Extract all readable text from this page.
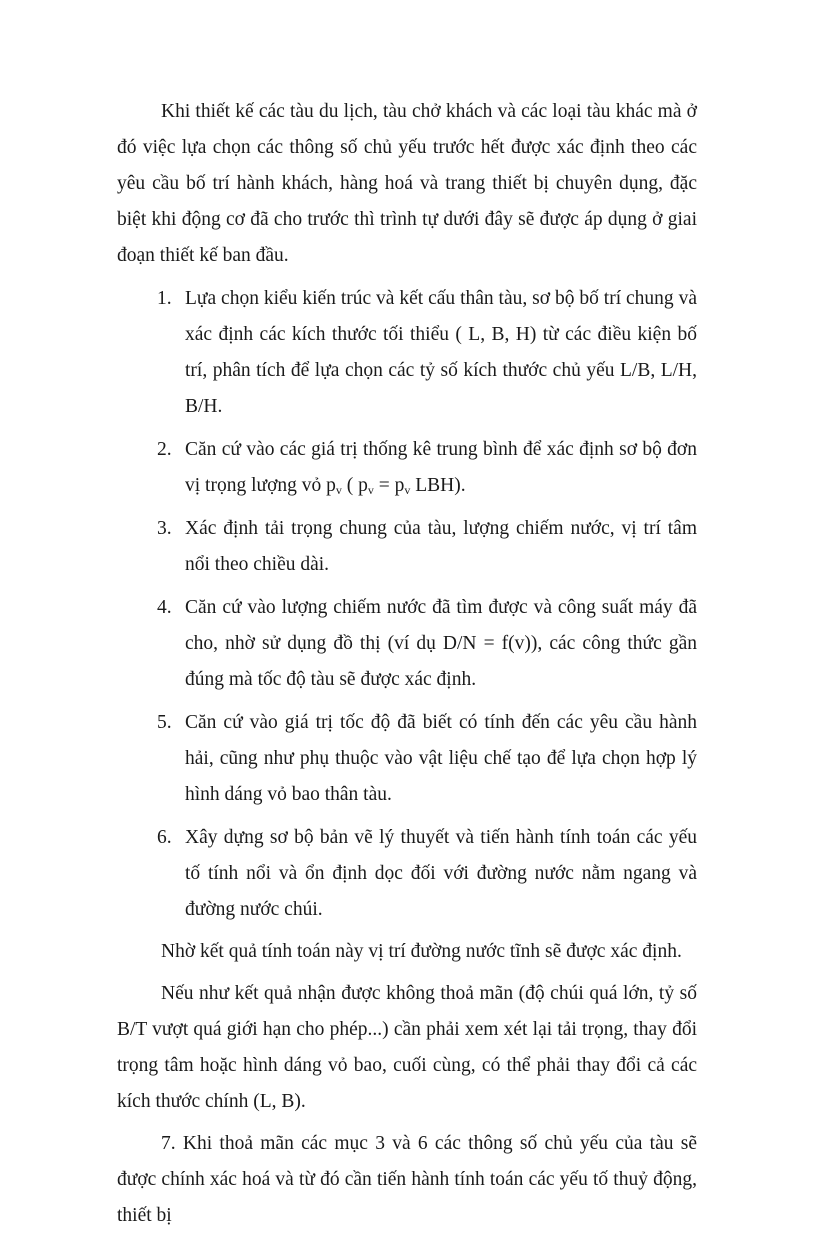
Khi thiết kế các tàu du lịch, tàu chở khách và các loại tàu khác mà ở đó việc lựa chọn các thông số chủ yếu trước hết được xác định theo các yêu cầu bố trí hành khách, hàng hoá và trang thiết bị chuyên dụng, đặc biệt khi động cơ đã cho trước thì trình tự dưới đây sẽ được áp dụng ở giai đoạn thiết kế ban đầu.

1. Lựa chọn kiểu kiến trúc và kết cấu thân tàu, sơ bộ bố trí chung và xác định các kích thước tối thiểu ( L, B, H) từ các điều kiện bố trí, phân tích để lựa chọn các tỷ số kích thước chủ yếu L/B, L/H, B/H.
2. Căn cứ vào các giá trị thống kê trung bình để xác định sơ bộ đơn vị trọng lượng vỏ $p_v$ ( $p_v = p_v$ LBH).
3. Xác định tải trọng chung của tàu, lượng chiếm nước, vị trí tâm nổi theo chiều dài.
4. Căn cứ vào lượng chiếm nước đã tìm được và công suất máy đã cho, nhờ sử dụng đồ thị (ví dụ D/N = f(v)), các công thức gần đúng mà tốc độ tàu sẽ được xác định.
5. Căn cứ vào giá trị tốc độ đã biết có tính đến các yêu cầu hành hải, cũng như phụ thuộc vào vật liệu chế tạo để lựa chọn hợp lý hình dáng vỏ bao thân tàu.
6. Xây dựng sơ bộ bản vẽ lý thuyết và tiến hành tính toán các yếu tố tính nổi và ổn định dọc đối với đường nước nằm ngang và đường nước chúi.

Nhờ kết quả tính toán này vị trí đường nước tĩnh sẽ được xác định.

Nếu như kết quả nhận được không thoả mãn (độ chúi quá lớn, tỷ số B/T vượt quá giới hạn cho phép...) cần phải xem xét lại tải trọng, thay đổi trọng tâm hoặc hình dáng vỏ bao, cuối cùng, có thể phải thay đổi cả các kích thước chính (L, B).

7. Khi thoả mãn các mục 3 và 6 các thông số chủ yếu của tàu sẽ được chính xác hoá và từ đó cần tiến hành tính toán các yếu tố thuỷ động, thiết bị
